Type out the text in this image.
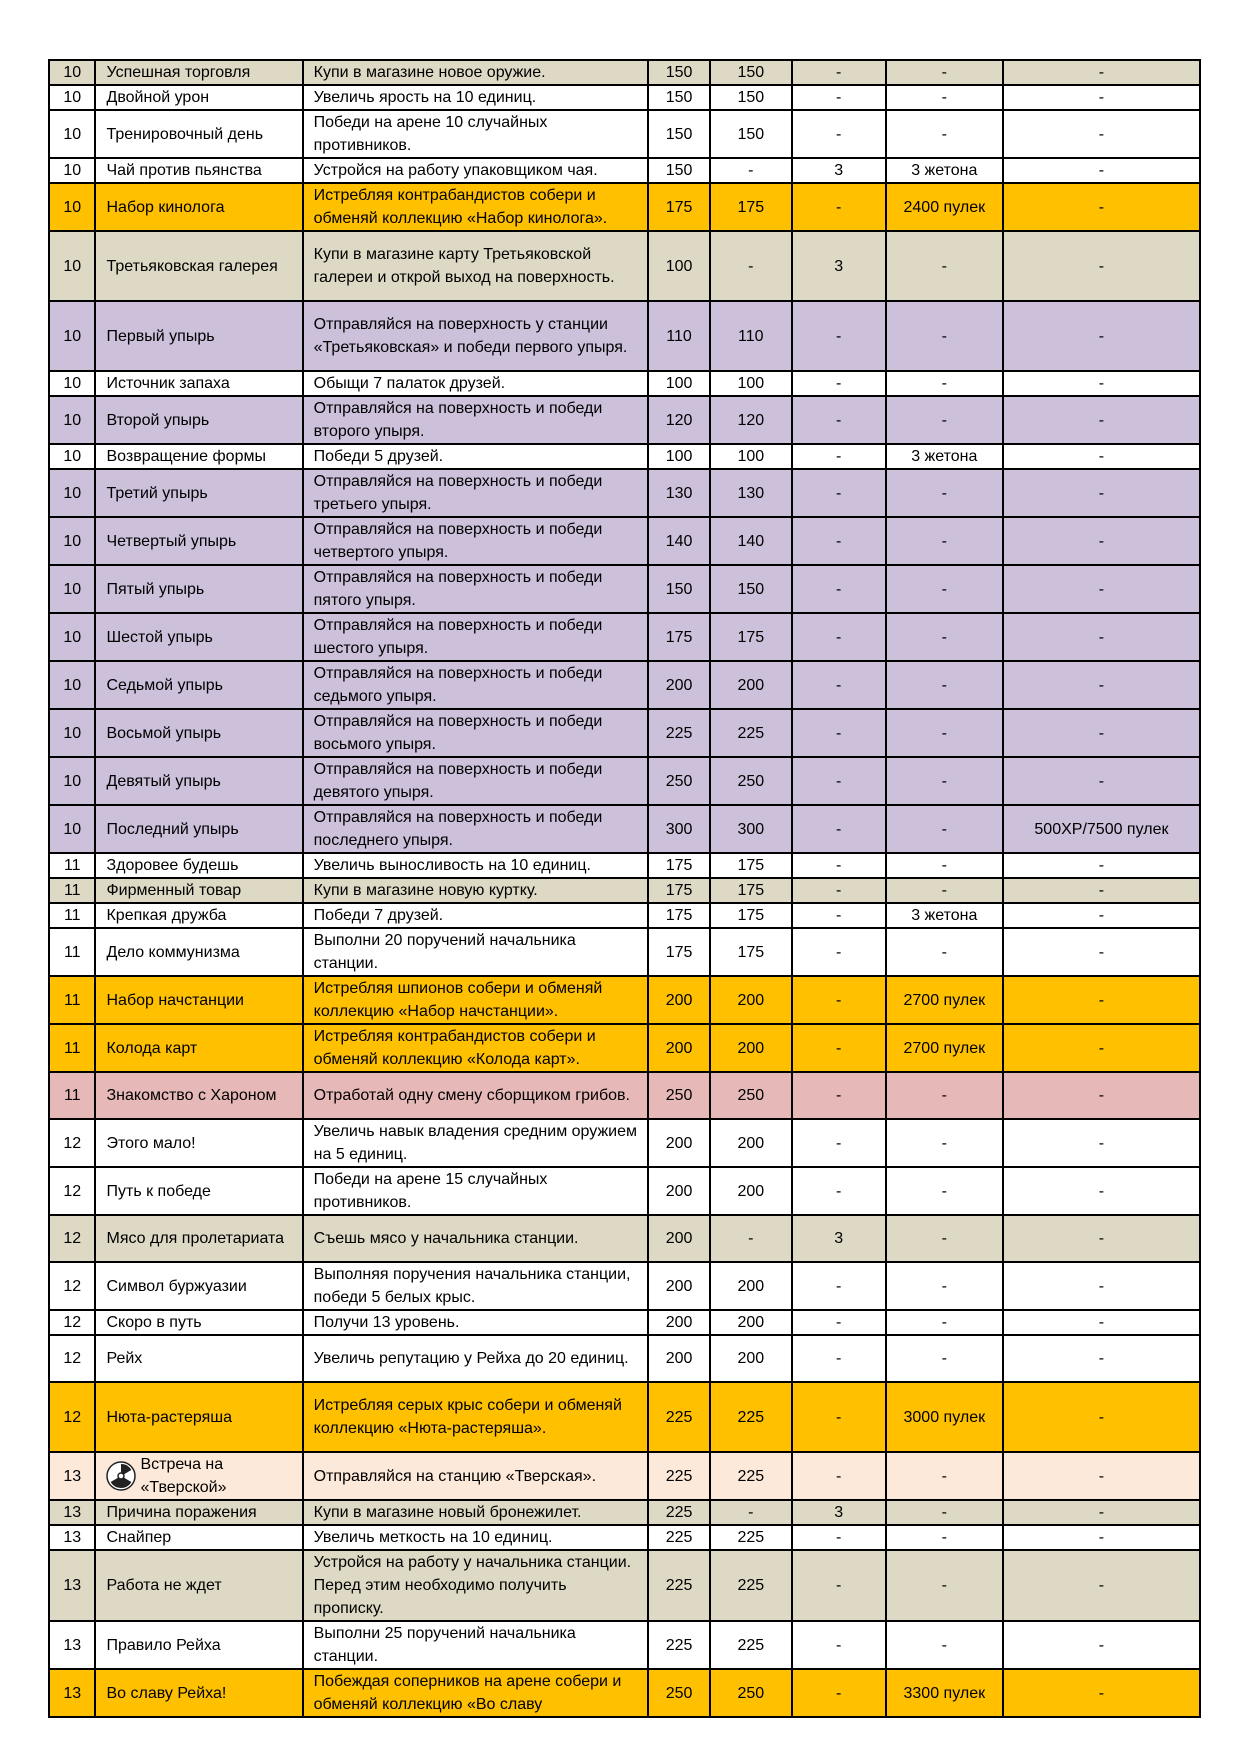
10	Успешная торговля	Купи в магазине новое оружие.	150	150	-	-	-
10	Двойной урон	Увеличь ярость на 10 единиц.	150	150	-	-	-
10	Тренировочный день	Победи на арене 10 случайных противников.	150	150	-	-	-
10	Чай против пьянства	Устройся на работу упаковщиком чая.	150	-	3	3 жетона	-
10	Набор кинолога	Истребляя контрабандистов собери и обменяй коллекцию «Набор кинолога».	175	175	-	2400 пулек	-
10	Третьяковская галерея	Купи в магазине карту Третьяковской галереи и открой выход на поверхность.	100	-	3	-	-
10	Первый упырь	Отправляйся на поверхность у станции «Третьяковская» и победи первого упыря.	110	110	-	-	-
10	Источник запаха	Обыщи 7 палаток друзей.	100	100	-	-	-
10	Второй упырь	Отправляйся на поверхность и победи второго упыря.	120	120	-	-	-
10	Возвращение формы	Победи 5 друзей.	100	100	-	3 жетона	-
10	Третий упырь	Отправляйся на поверхность и победи третьего упыря.	130	130	-	-	-
10	Четвертый упырь	Отправляйся на поверхность и победи четвертого упыря.	140	140	-	-	-
10	Пятый упырь	Отправляйся на поверхность и победи пятого упыря.	150	150	-	-	-
10	Шестой упырь	Отправляйся на поверхность и победи шестого упыря.	175	175	-	-	-
10	Седьмой упырь	Отправляйся на поверхность и победи седьмого упыря.	200	200	-	-	-
10	Восьмой упырь	Отправляйся на поверхность и победи восьмого упыря.	225	225	-	-	-
10	Девятый упырь	Отправляйся на поверхность и победи девятого упыря.	250	250	-	-	-
10	Последний упырь	Отправляйся на поверхность и победи последнего упыря.	300	300	-	-	500XP/7500 пулек
11	Здоровее будешь	Увеличь выносливость на 10 единиц.	175	175	-	-	-
11	Фирменный товар	Купи в магазине новую куртку.	175	175	-	-	-
11	Крепкая дружба	Победи 7 друзей.	175	175	-	3 жетона	-
11	Дело коммунизма	Выполни 20 поручений начальника станции.	175	175	-	-	-
11	Набор начстанции	Истребляя шпионов собери и обменяй коллекцию «Набор начстанции».	200	200	-	2700 пулек	-
11	Колода карт	Истребляя контрабандистов собери и обменяй коллекцию «Колода карт».	200	200	-	2700 пулек	-
11	Знакомство с Хароном	Отработай одну смену сборщиком грибов.	250	250	-	-	-
12	Этого мало!	Увеличь навык владения средним оружием на 5 единиц.	200	200	-	-	-
12	Путь к победе	Победи на арене 15 случайных противников.	200	200	-	-	-
12	Мясо для пролетариата	Съешь мясо у начальника станции.	200	-	3	-	-
12	Символ буржуазии	Выполняя поручения начальника станции, победи 5 белых крыс.	200	200	-	-	-
12	Скоро в путь	Получи 13 уровень.	200	200	-	-	-
12	Рейх	Увеличь репутацию у Рейха до 20 единиц.	200	200	-	-	-
12	Нюта-растеряша	Истребляя серых крыс собери и обменяй коллекцию «Нюта-растеряша».	225	225	-	3000 пулек	-
13	Встреча на «Тверской»	Отправляйся на станцию «Тверская».	225	225	-	-	-
13	Причина поражения	Купи в магазине новый бронежилет.	225	-	3	-	-
13	Снайпер	Увеличь меткость на 10 единиц.	225	225	-	-	-
13	Работа не ждет	Устройся на работу у начальника станции. Перед этим необходимо получить прописку.	225	225	-	-	-
13	Правило Рейха	Выполни 25 поручений начальника станции.	225	225	-	-	-
13	Во славу Рейха!	Побеждая соперников на арене собери и обменяй коллекцию «Во славу	250	250	-	3300 пулек	-
